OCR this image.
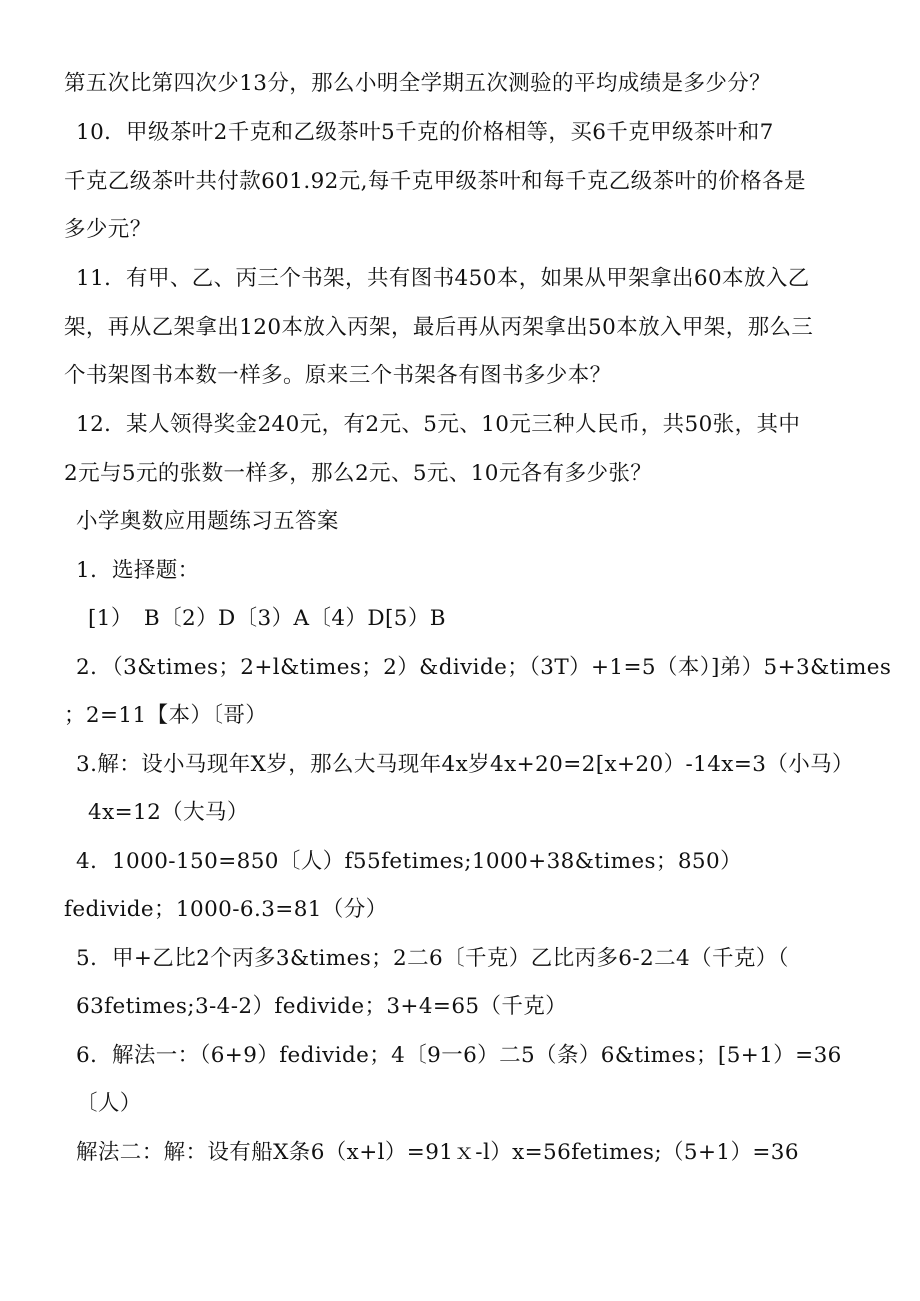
第五次比第四次少13分，那么小明全学期五次测验的平均成绩是多少分？
10．甲级茶叶2千克和乙级茶叶5千克的价格相等，买6千克甲级茶叶和7
千克乙级茶叶共付款601.92元,每千克甲级茶叶和每千克乙级茶叶的价格各是
多少元？
11．有甲、乙、丙三个书架，共有图书450本，如果从甲架拿出60本放入乙
架，再从乙架拿出120本放入丙架，最后再从丙架拿出50本放入甲架，那么三
个书架图书本数一样多。原来三个书架各有图书多少本？
12．某人领得奖金240元，有2元、5元、10元三种人民币，共50张，其中
2元与5元的张数一样多，那么2元、5元、10元各有多少张？
小学奥数应用题练习五答案
1．选择题：
[1）　B〔2）D〔3）A〔4）D[5）B
2．（3&times；2+l&times；2）&divide；（3T）+1=5（本）]弟）5+3&times
；2=11【本）〔哥）
3.解：设小马现年X岁，那么大马现年4x岁4x+20=2[x+20）-14x=3（小马）
4x=12（大马）
4．1000-150=850〔人）f55fetimes;1000+38&times；850）
fedivide；1000-6.3=81（分）
5．甲+乙比2个丙多3&times；2二6〔千克）乙比丙多6-2二4（千克）（
63fetimes;3-4-2）fedivide；3+4=65（千克）
6．解法一：（6+9）fedivide；4〔9一6）二5（条）6&times；[5+1）=36
〔人）
解法二：解：设有船X条6（x+l）=91ｘ-l）x=56fetimes;（5+1）=36
